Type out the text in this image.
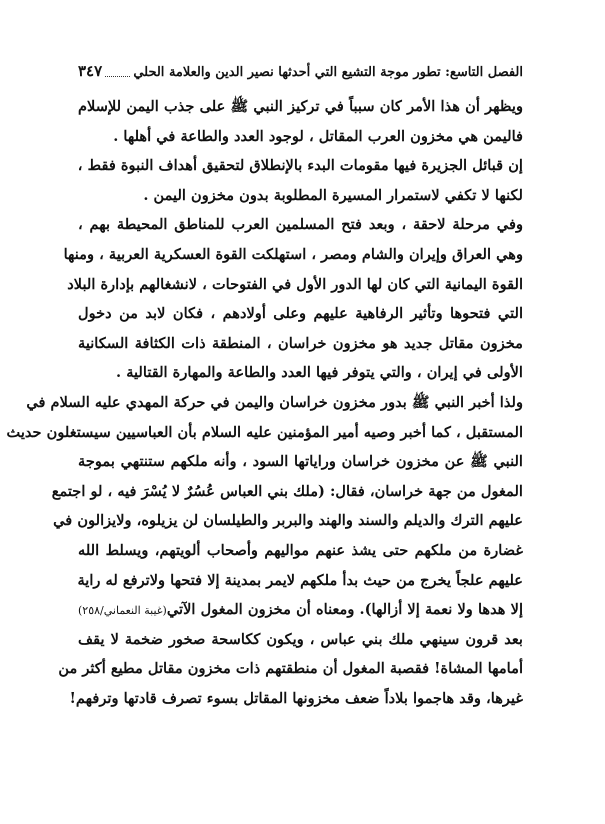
الفصل التاسع: تطور موجة التشيع التي أحدثها نصير الدين والعلامة الحلي
٣٤٧
ويظهر أن هذا الأمر كان سبباً في تركيز النبي ﷺ على جذب اليمن للإسلام
فاليمن هي مخزون العرب المقاتل ، لوجود العدد والطاعة في أهلها .
إن قبائل الجزيرة فيها مقومات البدء بالإنطلاق لتحقيق أهداف النبوة فقط ،
لكنها لا تكفي لاستمرار المسيرة المطلوبة بدون مخزون اليمن .
وفي مرحلة لاحقة ، وبعد فتح المسلمين العرب للمناطق المحيطة بهم ،
وهي العراق وإيران والشام ومصر ، استهلكت القوة العسكرية العربية ، ومنها
القوة اليمانية التي كان لها الدور الأول في الفتوحات ، لانشغالهم بإدارة البلاد
التي فتحوها وتأثير الرفاهية عليهم وعلى أولادهم ، فكان لابد من دخول
مخزون مقاتل جديد هو مخزون خراسان ، المنطقة ذات الكثافة السكانية
الأولى في إيران ، والتي يتوفر فيها العدد والطاعة والمهارة القتالية .
ولذا أخبر النبي ﷺ بدور مخزون خراسان واليمن في حركة المهدي عليه السلام في
المستقبل ، كما أخبر وصيه أمير المؤمنين عليه السلام بأن العباسيين سيستغلون حديث
النبي ﷺ عن مخزون خراسان وراياتها السود ، وأنه ملكهم ستنتهي بموجة
المغول من جهة خراسان، فقال: (ملك بني العباس عُسُرٌ لا يُسْرَ فيه ، لو اجتمع
عليهم الترك والديلم والسند والهند والبربر والطيلسان لن يزيلوه، ولايزالون في
غضارة من ملكهم حتى يشذ عنهم مواليهم وأصحاب ألويتهم، ويسلط الله
عليهم علجاً يخرج من حيث بدأ ملكهم لايمر بمدينة إلا فتحها ولاترفع له راية
إلا هدها ولا نعمة إلا أزالها). ومعناه أن مخزون المغول الآتي(غيبة النعماني/٢٥٨)
بعد قرون سينهي ملك بني عباس ، ويكون ككاسحة صخور ضخمة لا يقف
أمامها المشاة! فقصبة المغول أن منطقتهم ذات مخزون مقاتل مطيع أكثر من
غيرها، وقد هاجموا بلاداً ضعف مخزونها المقاتل بسوء تصرف قادتها وترفهم!
